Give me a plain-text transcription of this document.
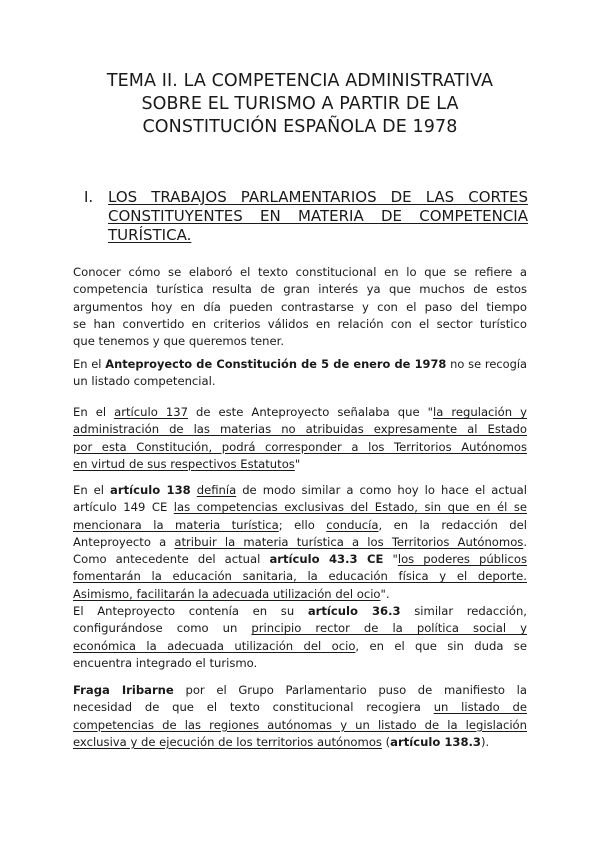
TEMA II. LA COMPETENCIA ADMINISTRATIVA
SOBRE EL TURISMO A PARTIR DE LA
CONSTITUCIÓN ESPAÑOLA DE 1978
I. LOS TRABAJOS PARLAMENTARIOS DE LAS CORTES
CONSTITUYENTES EN MATERIA DE COMPETENCIA
TURÍSTICA.
Conocer cómo se elaboró el texto constitucional en lo que se refiere a
competencia turística resulta de gran interés ya que muchos de estos
argumentos hoy en día pueden contrastarse y con el paso del tiempo
se han convertido en criterios válidos en relación con el sector turístico
que tenemos y que queremos tener.
En el Anteproyecto de Constitución de 5 de enero de 1978 no se recogía
un listado competencial.
En el artículo 137 de este Anteproyecto señalaba que "la regulación y
administración de las materias no atribuidas expresamente al Estado
por esta Constitución, podrá corresponder a los Territorios Autónomos
en virtud de sus respectivos Estatutos"
En el artículo 138 definía de modo similar a como hoy lo hace el actual
artículo 149 CE las competencias exclusivas del Estado, sin que en él se
mencionara la materia turística; ello conducía, en la redacción del
Anteproyecto a atribuir la materia turística a los Territorios Autónomos.
Como antecedente del actual artículo 43.3 CE "los poderes públicos
fomentarán la educación sanitaria, la educación física y el deporte.
Asimismo, facilitarán la adecuada utilización del ocio".
El Anteproyecto contenía en su artículo 36.3 similar redacción,
configurándose como un principio rector de la política social y
económica la adecuada utilización del ocio, en el que sin duda se
encuentra integrado el turismo.
Fraga Iribarne por el Grupo Parlamentario puso de manifiesto la
necesidad de que el texto constitucional recogiera un listado de
competencias de las regiones autónomas y un listado de la legislación
exclusiva y de ejecución de los territorios autónomos (artículo 138.3).
